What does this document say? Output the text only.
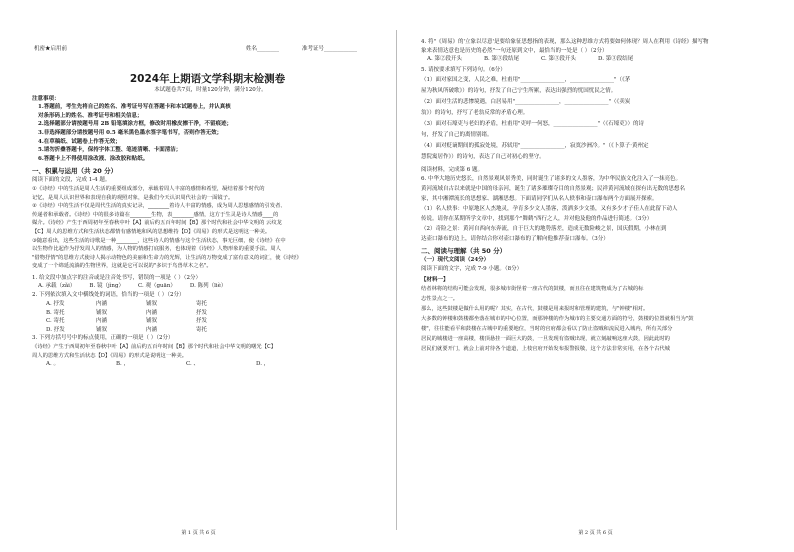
机密★启用前	姓名________	准考证号____________
2024年上期语文学科期末检测卷
本试题卷共7页，时量120分钟，满分120分。
注意事项：
1.答题前，考生先将自己的姓名、准考证号写在答题卡和本试题卷上，并认真核
对条形码上的姓名、准考证号和相关信息；
2.选择题部分请按题号用 2B 铅笔填涂方框，修改时用橡皮擦干净，不留痕迹；
3.非选择题部分请按题号用 0.5 毫米黑色墨水签字笔书写，否则作答无效；
4.在草稿纸、试题卷上作答无效；
5.请勿折叠答题卡，保持字体工整、笔迹清晰、卡面清洁；
6.答题卡上不得使用涂改液、涂改胶和贴纸。
一、积累与运用（共 20 分）
阅读下面的文段，完成 1-4 题。
①《诗经》中的生活是周人生活的重要组成部分，承载着周人丰富的感情和希望，凝结着那个时代的
记忆，是周人认识世界和表现自我的观照对象，是我们今天认识周代社会的一面镜子。
②《诗经》中的生活不仅是周代生活的真实记录，________着诗人丰富的情感，成为周人思想感情的引发者、
传递者和承载者。《诗经》中的很多诗篇在________生物，表________感情，这方于生灵是诗人情感____的
媒介。《诗经》产生于西周初年至春秋中叶【A】前后约五百年时间【B】那个时代和社会中华文明的 云纹龙
【C】周人的思维方式和生活状态都情有感情地和风的思想维持【D】《周易》的形式是这明这一种美。
③随意看出，这些生活的诗歌是一种________，这些诗人的情感与这个生活状态，事无巨细，使《诗经》在中
以生物作比起作为抒发周人的情感，为人物的情感打底服务，也体现着《诗经》人物形象的重要手法。周人
"借物抒情"的思维方式使诗人揭示动物色的美丽和生命力的光辉，让生活的万物变成了富有意义的词汇，使《诗经》
变成了一个绵延流淌的生物世界，这就是它可以说的"多识于鸟兽草木之名"。
1. 给文段中加点字的注音或是注音处书写，错误的一项是（ ）（2分）
A. 承载（zǎi）	B. 镜（jìng）	C. 观（guān）	D. 陈列（liè）
2. 下列依次填入文中横线处的词语，恰当的一项是（ ）（2分）
A. 抒发	内涵	铺叙	寄托
B. 寄托	铺叙	内涵	抒发
C. 寄托	内涵	铺叙	抒发
D. 抒发	铺叙	内涵	寄托
3. 下列方括号号中的标点使用，正确的一项是（ ）（2分）
《诗经》产生于西周初年至春秋中叶【A】前后约五百年时间【B】那个时代和社会中华文明的曙光【C】
周人的思维方式和生活状态【D】《周易》的形式是说明这一种美。
A. 。	B. ，	C. 、	D. ，
第 1 页 共 6 页
4. 将"《周易》的'立象以尽意'是要给象征思想指的表现，那么这种思维方式将要如何体现？周人在利用《诗经》描写物
象来表情达意也是历史的必然"一句还原到文中，最恰当的一处是（ ）（2分）
A. 第②段开头	B. 第③段结尾	C. 第③段开头	D. 第③段结尾
5. 请按要求填写下列诗句。（6分）
（1）面对家国之变，人民之难，杜甫用"________________，________________"（《茅
屋为秋风所破歌》）的诗句，抒发了自己宁生所累，表达出强烈的忧国忧民之情。
（2）面对生活的悲惨境遇，白居易用"________________，________________"（《卖炭
翁》）的诗句，抒写了老翁反常的矛盾心理。
（3）面对石壕吏与老妇的矛盾，杜甫用"吏呼一何怒，________________"（《石壕吏》）的诗
句，抒发了自己的离情别绪。
（4）面对贬谪期间的孤寂处境，苏轼用"________________，寂寞沙洲冷。"（《卜算子·黄州定
慧院寓居作》）的诗句，表达了自己对初心的坚守。
阅读材料，完成第 6 题。
6. 中华大地历史悠长，自然景观风景秀美，同时诞生了诸多的文人墨客，为中华民族文化注入了一抹亮色。
黄河流域自古以来就是中国的母亲河，诞生了诸多璀璨夺目的自然景观；民祥黄河流域在探有出无数的思想名
家，其中湘潭流长的思想家、湖湘思想。下面请同学们从名人轶事和壶口瀑布两个方面展开探索。
（1）名人轶事：中原地区人杰地灵，孕育多少文人墨客，泼洒多少文墨，又有多少才子佳人在此留下动人
传说。请你在某期所学文章中，找到那个"舞鹤"西行之人，并对他及他的作品进行简述。（3分）
（2）奇险之景：黄河自西向东奔流，自于巨大的地势落差，造成无数险峻之景，国庆假期，小林在到
达壶口瀑布的边上，请你结合你对壶口瀑布的了解向他推荐壶口瀑布。（3分）
二、阅读与理解（共 50 分）
（一）现代文阅读（24分）
阅读下面的文字，完成 7-9 小题。（8分）
【材料一】
结者林将的结构可能会发现，很多城市街怪着一座古代的鼓楼，而且往在建筑物成为了古城的标
志性景点之一。
那么，这些鼓楼是做什么用的呢？其实，在古代，鼓楼是用来报时和管理的建筑，与"钟楼"相对。
大多数的钟楼和鼓楼都坐落在城市的中心位置，而那钟楼的作为城市的主要交通方面的符号，鼓楼的位置就相当为"鼓
楼"，往往能看平和鼓楼在古城中的重要地位，当时的官府都会看以了防止盗贼和流民进入城内，所有关部分
居民的城楼进一座高楼，楼顶悬挂一面巨大的鼓，一旦发现有盗贼出现，就立刻敲响这座大鼓，因此此时的
居民们就要开门，就会上前对待各个道道，上枝官府开始发布报警报敬，这个方法非常实用，在各个古代城
第 2 页 共 6 页
